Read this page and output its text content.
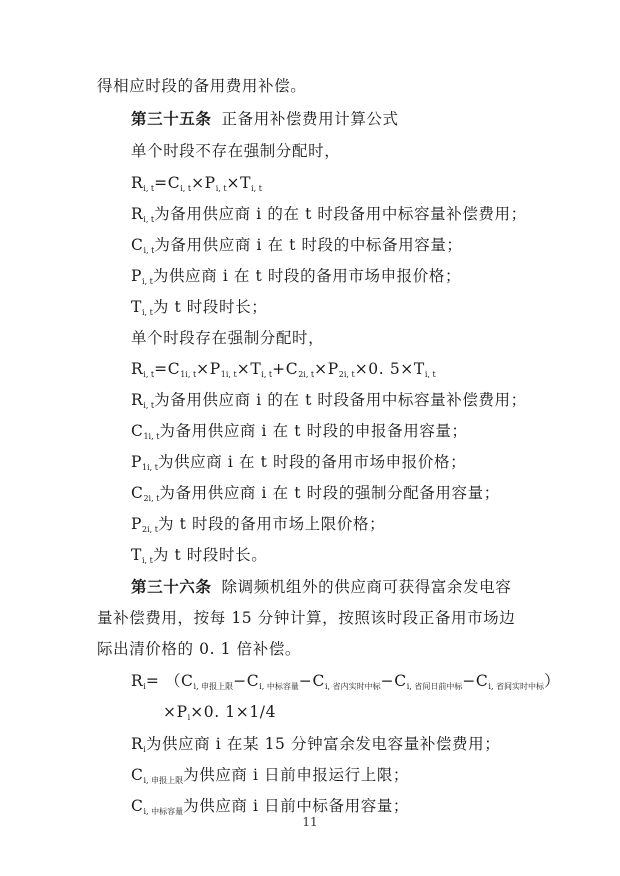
得相应时段的备用费用补偿。
第三十五条 正备用补偿费用计算公式
单个时段不存在强制分配时，
$R_{i, t}=C_{i, t}\times P_{i, t}\times T_{i, t}$
$R_{i, t}$为备用供应商 i 的在 t 时段备用中标容量补偿费用；
$C_{i, t}$为备用供应商 i 在 t 时段的中标备用容量；
$P_{i, t}$为供应商 i 在 t 时段的备用市场申报价格；
$T_{i, t}$为 t 时段时长；
单个时段存在强制分配时，
$R_{i, t}=C_{1i, t}\times P_{1i, t}\times T_{i, t}+C_{2i, t}\times P_{2i, t}\times 0$. $5\times T_{i, t}$
$R_{i, t}$为备用供应商 i 的在 t 时段备用中标容量补偿费用；
$C_{1i, t}$为备用供应商 i 在 t 时段的申报备用容量；
$P_{1i, t}$为供应商 i 在 t 时段的备用市场申报价格；
$C_{2i, t}$为备用供应商 i 在 t 时段的强制分配备用容量；
$P_{2i, t}$为 t 时段的备用市场上限价格；
$T_{i, t}$为 t 时段时长。
第三十六条 除调频机组外的供应商可获得富余发电容
量补偿费用，按每 15 分钟计算，按照该时段正备用市场边
际出清价格的 0. 1 倍补偿。
$R_i= (C_{i, 申报上限}-C_{i, 中标容量}-C_{i, 省内实时中标}-C_{i, 省间日前中标}-C_{i, 省间实时中标})$
$\times P_i\times 0$. 1×1/4
$R_i$为供应商 i 在某 15 分钟富余发电容量补偿费用；
$C_{i, 申报上限}$为供应商 i 日前申报运行上限；
$C_{i, 中标容量}$为供应商 i 日前中标备用容量；
11
